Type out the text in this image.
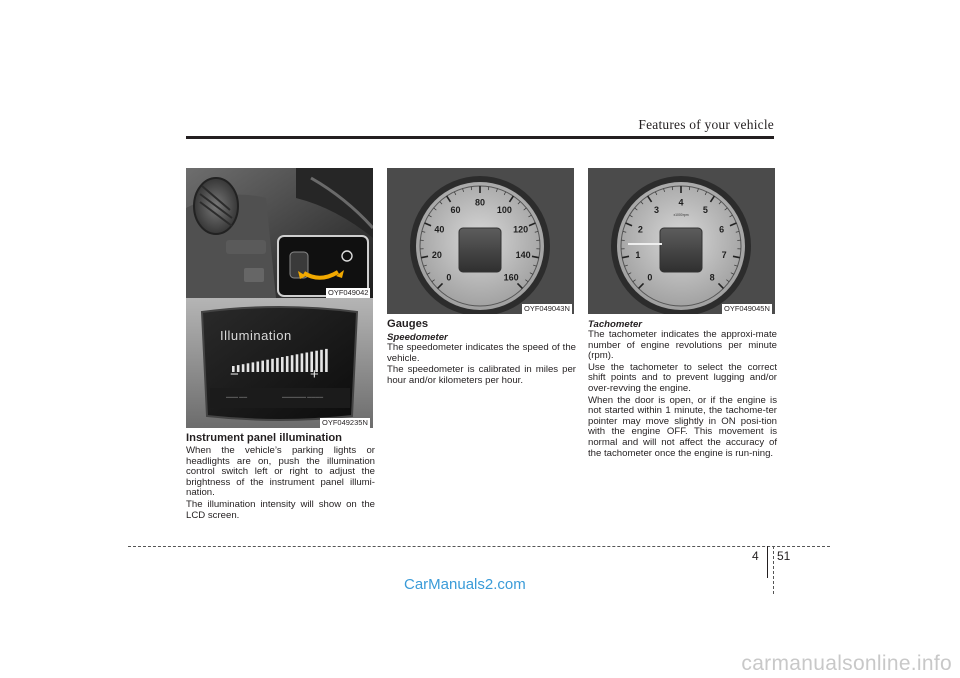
Features of your vehicle
OYF049042
▬▬▬ ▬▬	▬▬▬▬▬▬ ▬▬▬▬
Illumination
−	+
OYF049235N
0
20
40
60
80
100
120
140
160
OYF049043N
0
1
2
3
4
5
6
7
8
x1000rpm
OYF049045N
Instrument panel illumination

When the vehicle’s parking lights or headlights are on, push the illumination control switch left or right to adjust the brightness of the instrument panel illumi-nation.

The illumination intensity will show on the LCD screen.

Gauges
Speedometer

The speedometer indicates the speed of the vehicle.

The speedometer is calibrated in miles per hour and/or kilometers per hour.

Tachometer

The tachometer indicates the approxi-mate number of engine revolutions per minute (rpm).

Use the tachometer to select the correct shift points and to prevent lugging and/or over-revving the engine.

When the door is open, or if the engine is not started within 1 minute, the tachome-ter pointer may move slightly in ON posi-tion with the engine OFF. This movement is normal and will not affect the accuracy of the tachometer once the engine is run-ning.

4 51
CarManuals2.com
carmanualsonline.info
